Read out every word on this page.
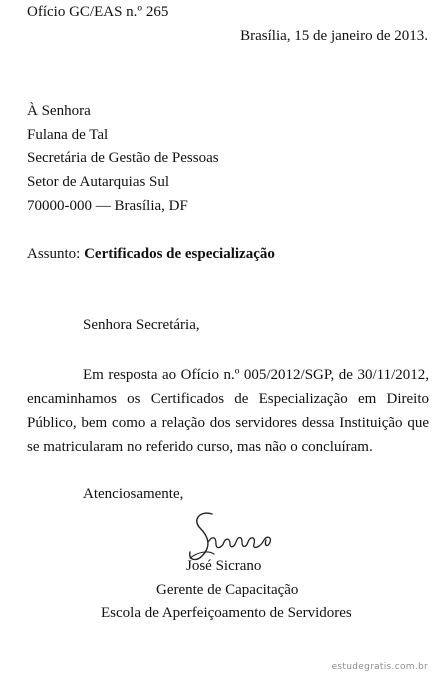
Ofício GC/EAS n.º 265
Brasília, 15 de janeiro de 2013.
À Senhora
Fulana de Tal
Secretária de Gestão de Pessoas
Setor de Autarquias Sul
70000-000 — Brasília, DF
Assunto: Certificados de especialização
Senhora Secretária,
Em resposta ao Ofício n.º 005/2012/SGP, de 30/11/2012, encaminhamos os Certificados de Especialização em Direito Público, bem como a relação dos servidores dessa Instituição que se matricularam no referido curso, mas não o concluíram.
Atenciosamente,
José Sicrano
Gerente de Capacitação
Escola de Aperfeiçoamento de Servidores
estudegratis.com.br
